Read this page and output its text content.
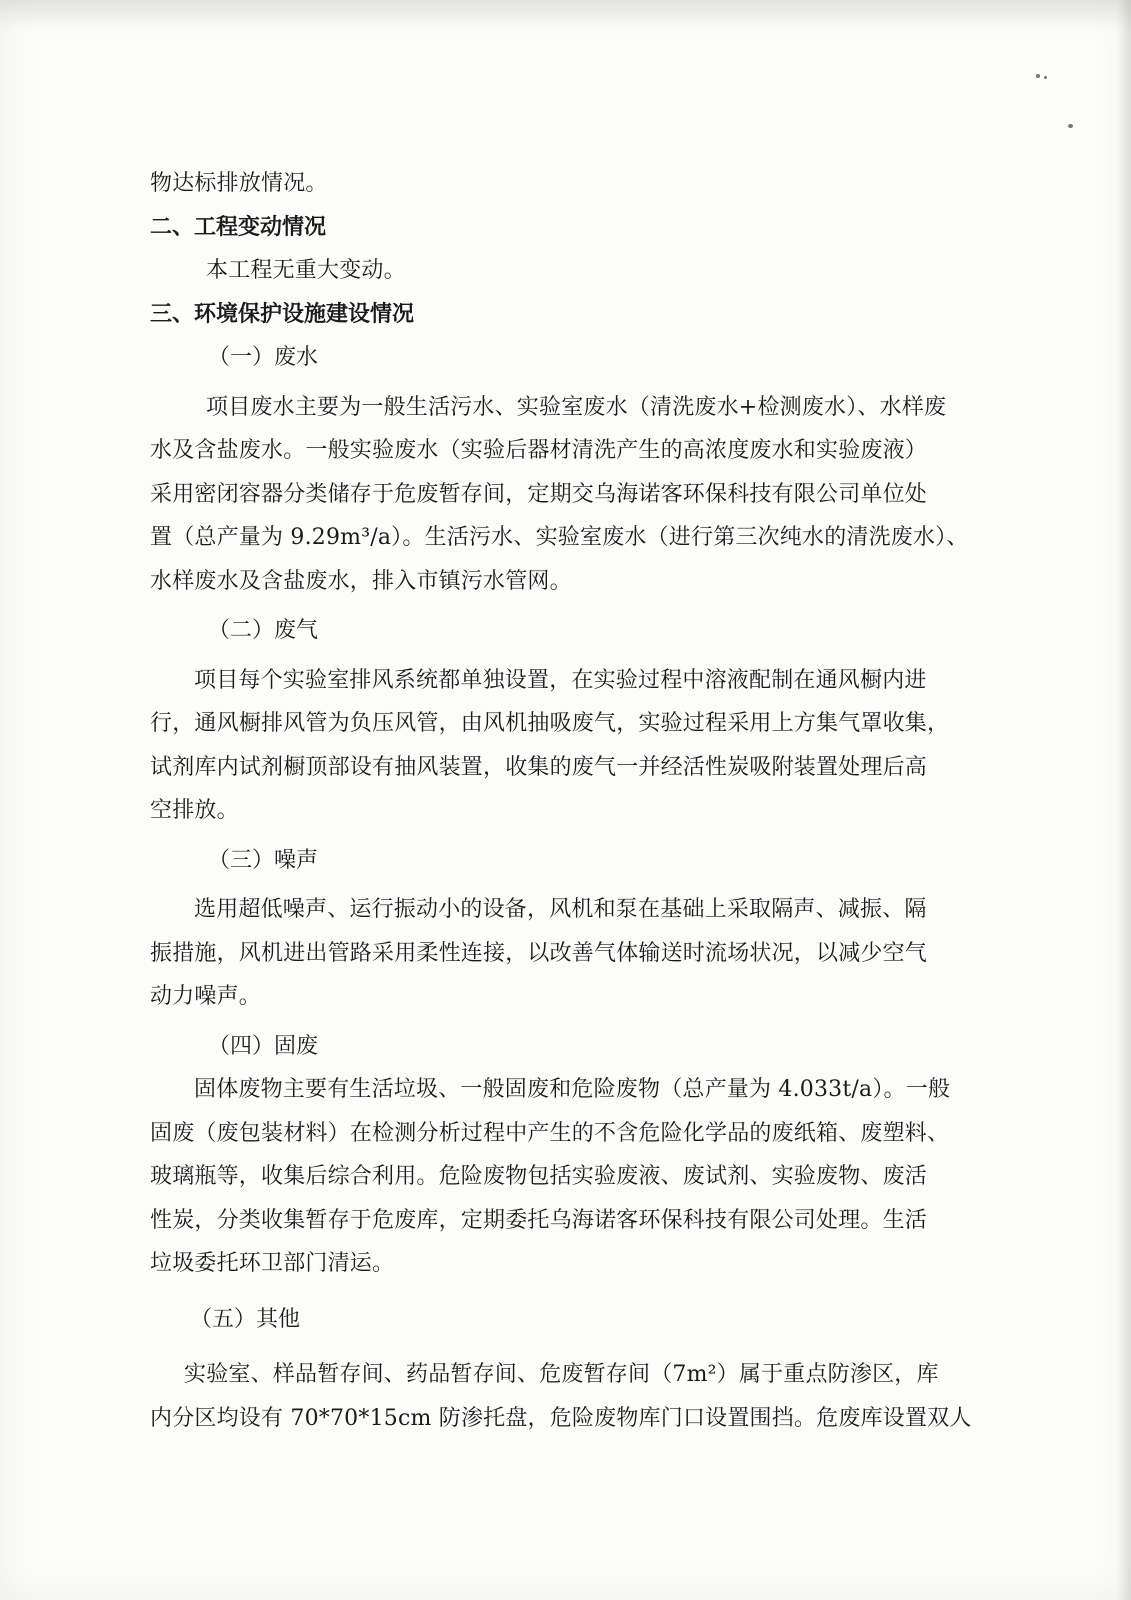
物达标排放情况。
二、工程变动情况
本工程无重大变动。
三、环境保护设施建设情况
（一）废水
项目废水主要为一般生活污水、实验室废水（清洗废水+检测废水）、水样废
水及含盐废水。一般实验废水（实验后器材清洗产生的高浓度废水和实验废液）
采用密闭容器分类储存于危废暂存间，定期交乌海诺客环保科技有限公司单位处
置（总产量为 9.29m³/a）。生活污水、实验室废水（进行第三次纯水的清洗废水）、
水样废水及含盐废水，排入市镇污水管网。
（二）废气
项目每个实验室排风系统都单独设置，在实验过程中溶液配制在通风橱内进
行，通风橱排风管为负压风管，由风机抽吸废气，实验过程采用上方集气罩收集，
试剂库内试剂橱顶部设有抽风装置，收集的废气一并经活性炭吸附装置处理后高
空排放。
（三）噪声
选用超低噪声、运行振动小的设备，风机和泵在基础上采取隔声、减振、隔
振措施，风机进出管路采用柔性连接，以改善气体输送时流场状况，以减少空气
动力噪声。
（四）固废
固体废物主要有生活垃圾、一般固废和危险废物（总产量为 4.033t/a）。一般
固废（废包装材料）在检测分析过程中产生的不含危险化学品的废纸箱、废塑料、
玻璃瓶等，收集后综合利用。危险废物包括实验废液、废试剂、实验废物、废活
性炭，分类收集暂存于危废库，定期委托乌海诺客环保科技有限公司处理。生活
垃圾委托环卫部门清运。
（五）其他
实验室、样品暂存间、药品暂存间、危废暂存间（7m²）属于重点防渗区，库
内分区均设有 70*70*15cm 防渗托盘，危险废物库门口设置围挡。危废库设置双人
